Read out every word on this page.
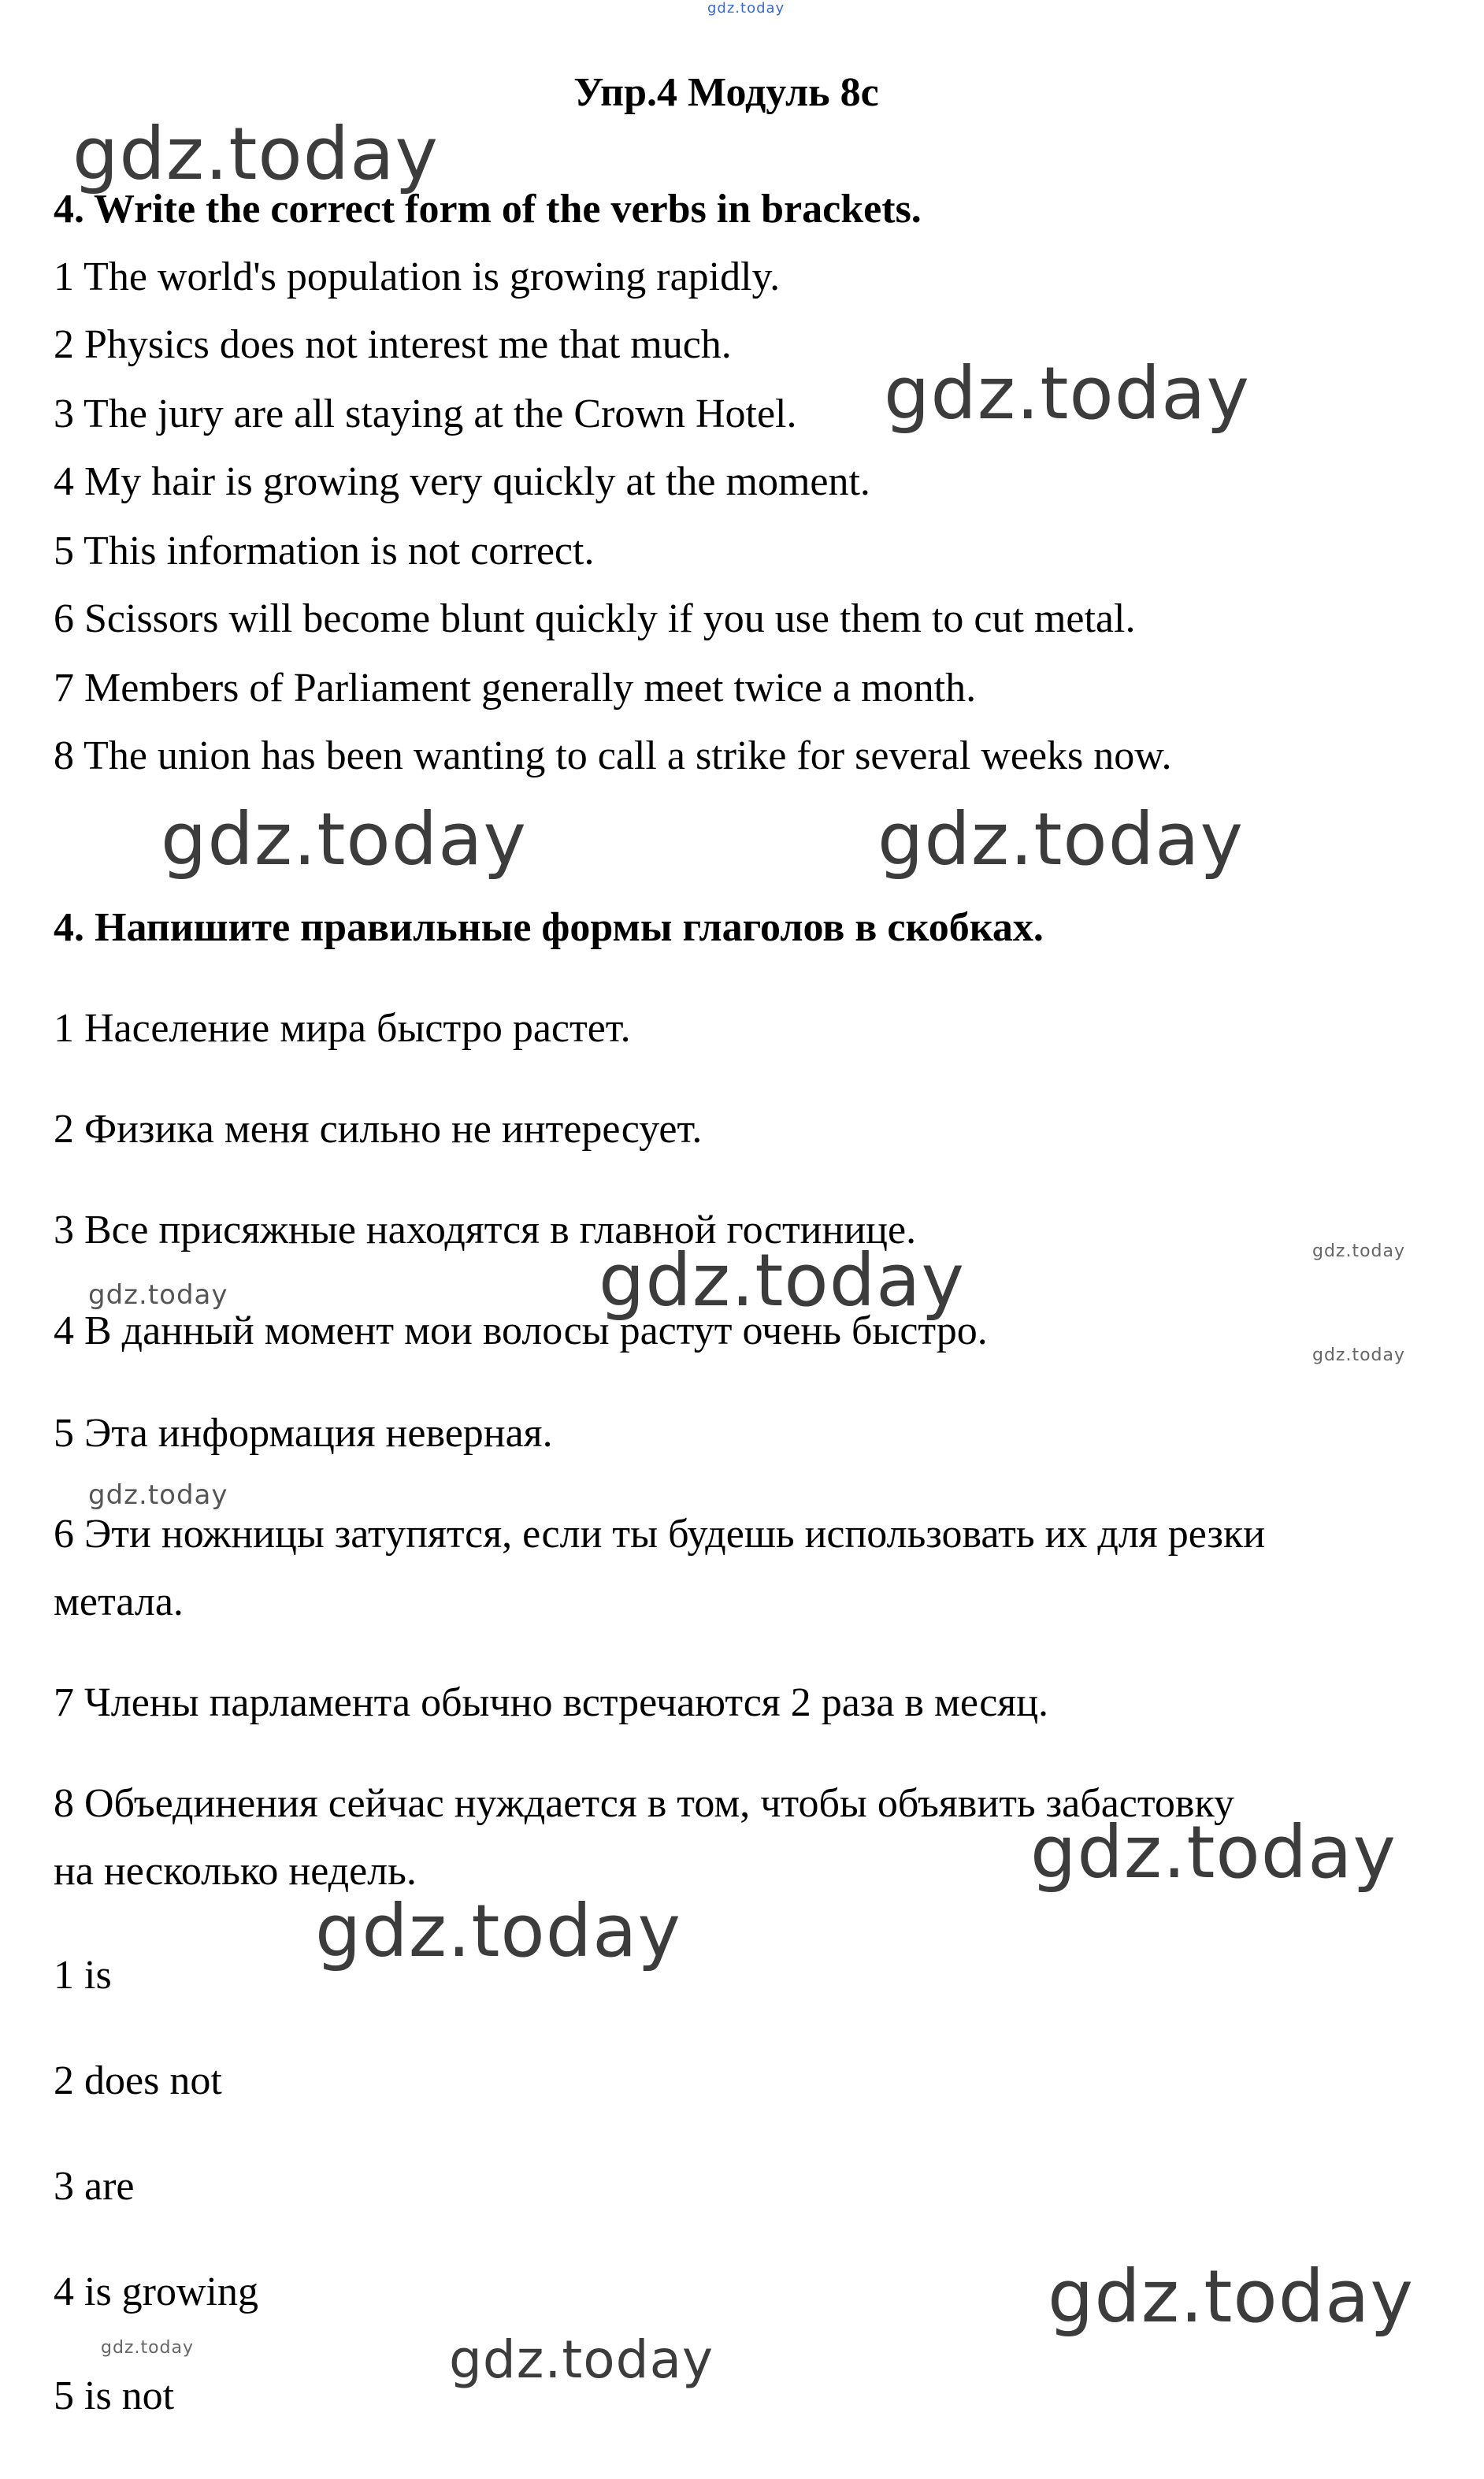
gdz.today
Упр.4 Модуль 8c
4. Write the correct form of the verbs in brackets.
1 The world's population is growing rapidly.
2 Physics does not interest me that much.
3 The jury are all staying at the Crown Hotel.
4 My hair is growing very quickly at the moment.
5 This information is not correct.
6 Scissors will become blunt quickly if you use them to cut metal.
7 Members of Parliament generally meet twice a month.
8 The union has been wanting to call a strike for several weeks now.
4. Напишите правильные формы глаголов в скобках.
1 Население мира быстро растет.
2 Физика меня сильно не интересует.
3 Все присяжные находятся в главной гостинице.
4 В данный момент мои волосы растут очень быстро.
5 Эта информация неверная.
6 Эти ножницы затупятся, если ты будешь использовать их для резки
метала.
7 Члены парламента обычно встречаются 2 раза в месяц.
8 Объединения сейчас нуждается в том, чтобы объявить забастовку
на несколько недель.
1 is
2 does not
3 are
4 is growing
5 is not
gdz.today
gdz.today
gdz.today	gdz.today
gdz.today
gdz.today
gdz.today
gdz.today
gdz.today
gdz.today
gdz.today
gdz.today
gdz.today
gdz.today
